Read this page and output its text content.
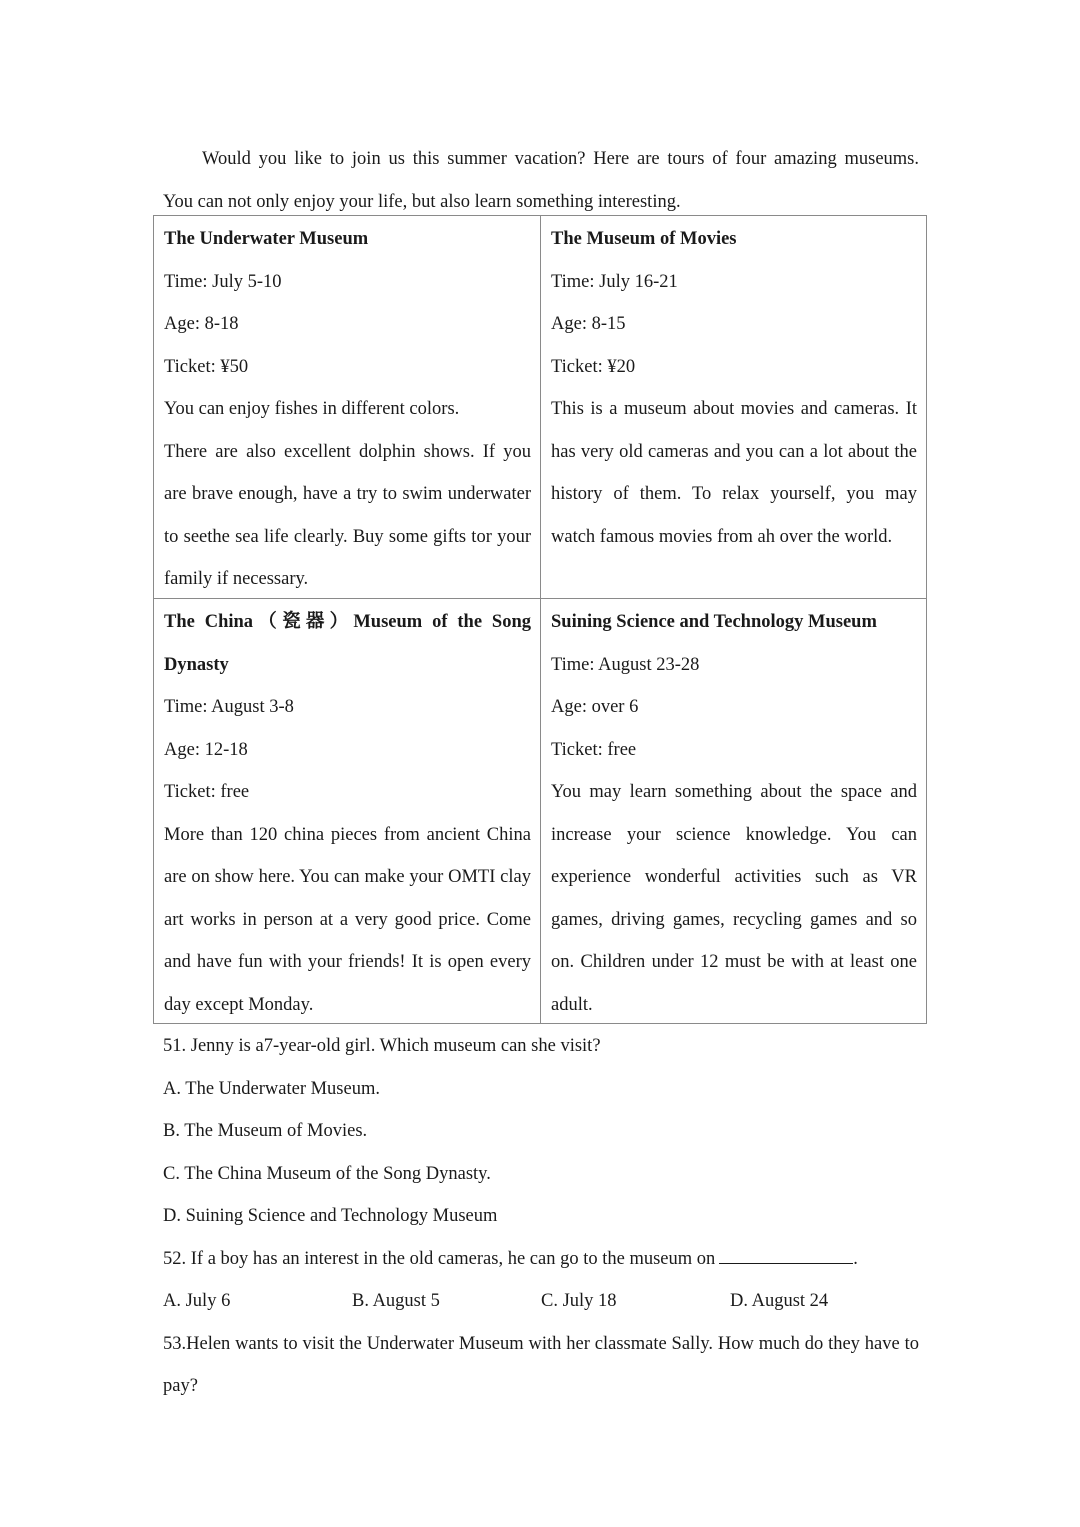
Would you like to join us this summer vacation? Here are tours of four amazing museums.
You can not only enjoy your life, but also learn something interesting.
The Underwater Museum
Time: July 5-10
Age: 8-18
Ticket: ¥50
You can enjoy fishes in different colors.
There are also excellent dolphin shows. If you are brave enough, have a try to swim underwater to seethe sea life clearly. Buy some gifts tor your family if necessary.
The Museum of Movies
Time: July 16-21
Age: 8-15
Ticket: ¥20
This is a museum about movies and cameras. It has very old cameras and you can a lot about the history of them. To relax yourself, you may watch famous movies from ah over the world.
The China（瓷器）Museum of the Song Dynasty
Time: August 3-8
Age: 12-18
Ticket: free
More than 120 china pieces from ancient China are on show here. You can make your OMTI clay art works in person at a very good price. Come and have fun with your friends! It is open every day except Monday.
Suining Science and Technology Museum
Time: August 23-28
Age: over 6
Ticket: free
You may learn something about the space and increase your science knowledge. You can experience wonderful activities such as VR games, driving games, recycling games and so on. Children under 12 must be with at least one adult.
51. Jenny is a7-year-old girl. Which museum can she visit?
A. The Underwater Museum.
B. The Museum of Movies.
C. The China Museum of the Song Dynasty.
D. Suining Science and Technology Museum
52. If a boy has an interest in the old cameras, he can go to the museum on	.
A. July 6	B. August 5	C. July 18	D. August 24
53.Helen wants to visit the Underwater Museum with her classmate Sally. How much do they have to pay?
